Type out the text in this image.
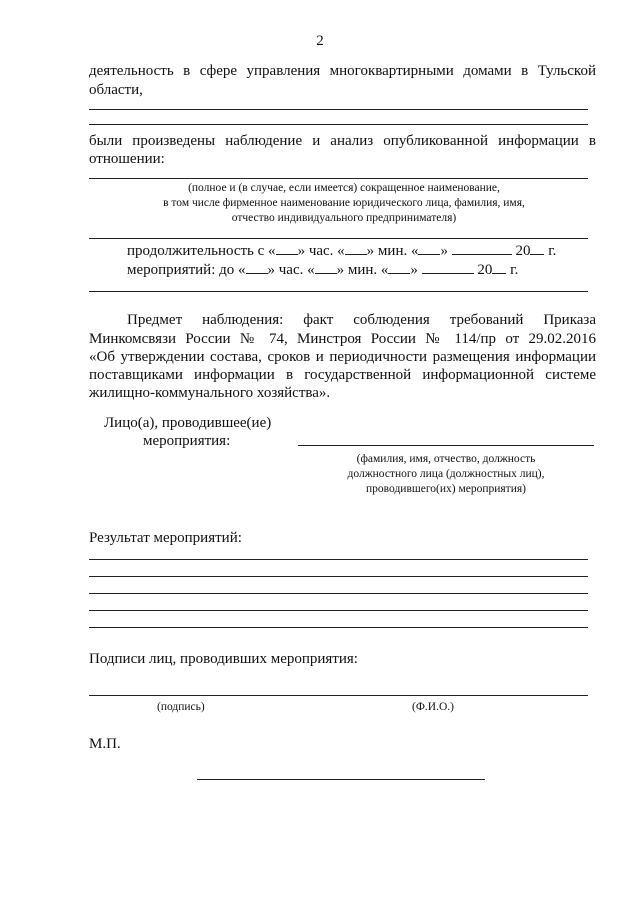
2
деятельность в сфере управления многоквартирными домами в Тульской
области,
были произведены наблюдение и анализ опубликованной информации в
отношении:
(полное и (в случае, если имеется) сокращенное наименование,
в том числе фирменное наименование юридического лица, фамилия, имя,
отчество индивидуального предпринимателя)
продолжительность с « » час. « » мин. « »	20 г.
мероприятий: до « » час. « » мин. « »	20 г.
Предмет наблюдения: факт соблюдения требований Приказа
Минкомсвязи России № 74, Минстроя России № 114/пр от 29.02.2016
«Об утверждении состава, сроков и периодичности размещения информации
поставщиками информации в государственной информационной системе
жилищно-коммунального хозяйства».
Лицо(а), проводившее(ие)
мероприятия:
(фамилия, имя, отчество, должность
должностного лица (должностных лиц),
проводившего(их) мероприятия)
Результат мероприятий:
Подписи лиц, проводивших мероприятия:
(подпись)	(Ф.И.О.)
М.П.
